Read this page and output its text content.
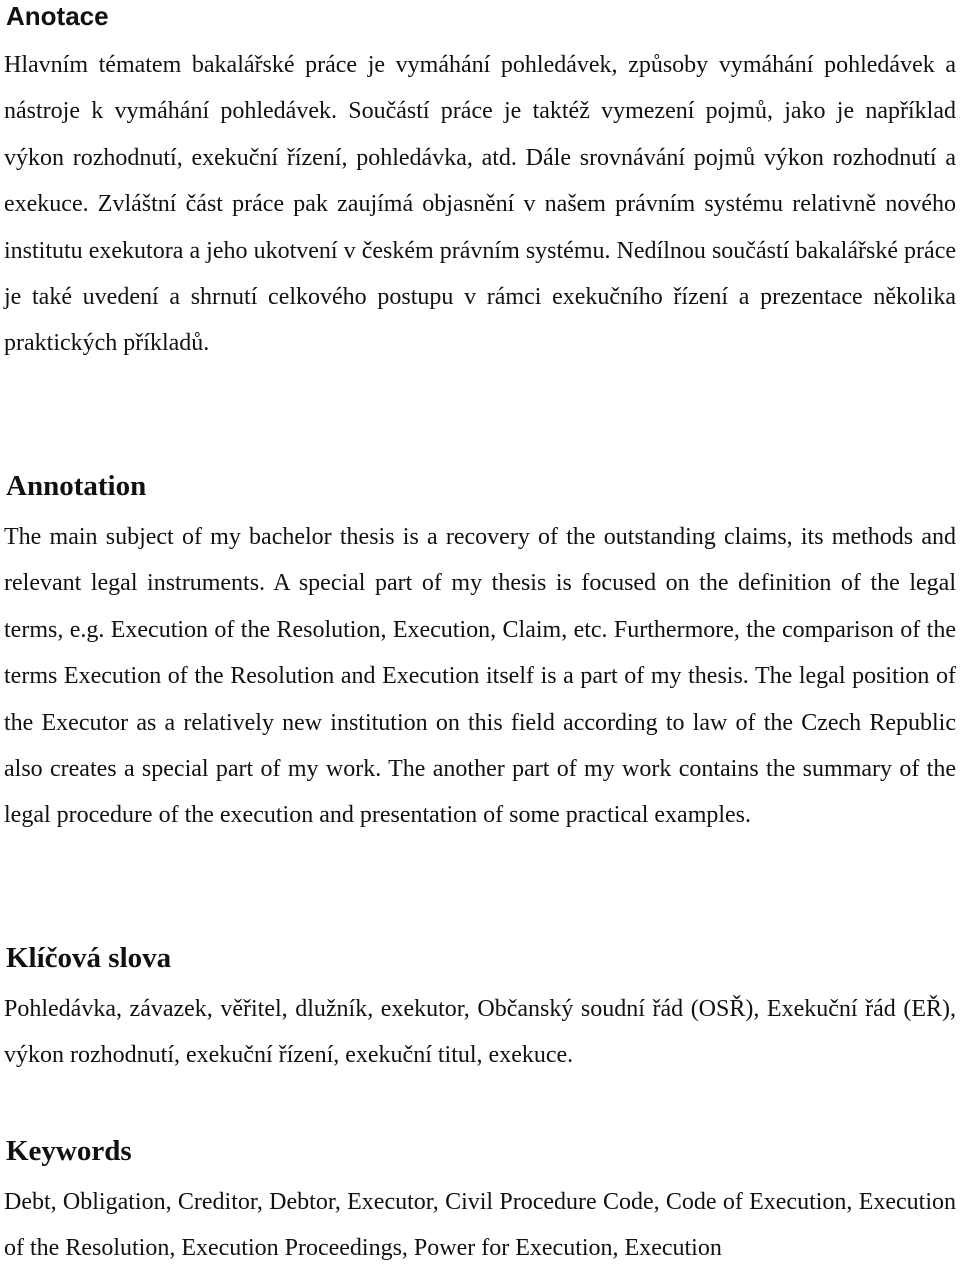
Anotace

Hlavním tématem bakalářské práce je vymáhání pohledávek, způsoby vymáhání pohledávek a nástroje k vymáhání pohledávek. Součástí práce je taktéž vymezení pojmů, jako je například výkon rozhodnutí, exekuční řízení, pohledávka, atd. Dále srovnávání pojmů výkon rozhodnutí a exekuce. Zvláštní část práce pak zaujímá objasnění v našem právním systému relativně nového institutu exekutora a jeho ukotvení v českém právním systému. Nedílnou součástí bakalářské práce je také uvedení a shrnutí celkového postupu v rámci exekučního řízení a prezentace několika praktických příkladů.

Annotation

The main subject of my bachelor thesis is a recovery of the outstanding claims, its methods and relevant legal instruments. A special part of my thesis is focused on the definition of the legal terms, e.g. Execution of the Resolution, Execution, Claim, etc. Furthermore, the comparison of the terms Execution of the Resolution and Execution itself is a part of my thesis. The legal position of the Executor as a relatively new institution on this field according to law of the Czech Republic also creates a special part of my work. The another part of my work contains the summary of the legal procedure of the execution and presentation of some practical examples.

Klíčová slova

Pohledávka, závazek, věřitel, dlužník, exekutor, Občanský soudní řád (OSŘ), Exekuční řád (EŘ), výkon rozhodnutí, exekuční řízení, exekuční titul, exekuce.

Keywords

Debt, Obligation, Creditor, Debtor, Executor, Civil Procedure Code, Code of Execution, Execution of the Resolution, Execution Proceedings, Power for Execution, Execution
